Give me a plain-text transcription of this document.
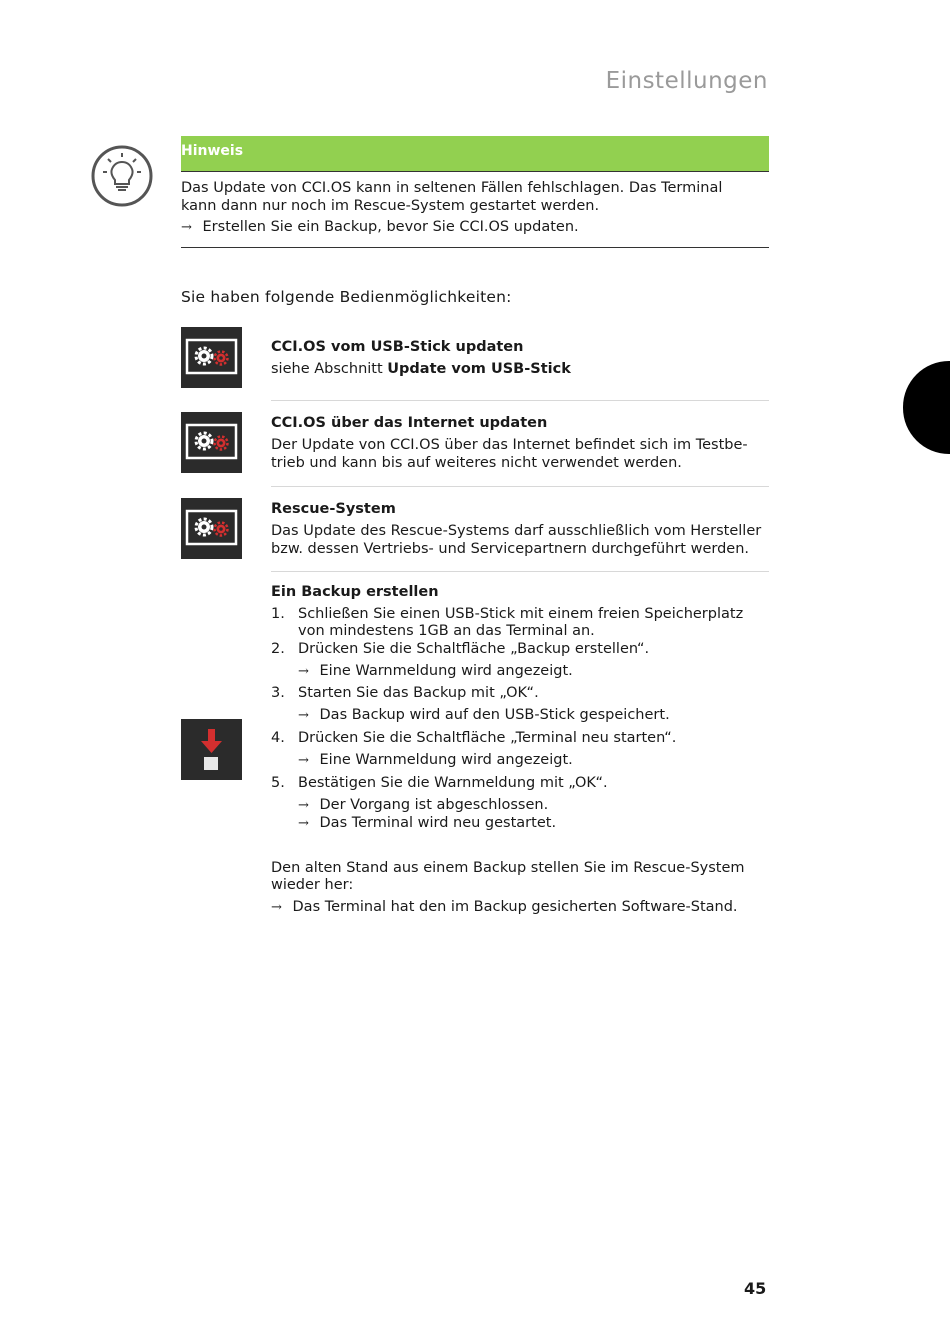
Einstellungen
Hinweis
Das Update von CCI.OS kann in seltenen Fällen fehlschlagen. Das Terminal
kann dann nur noch im Rescue-System gestartet werden.
→ Erstellen Sie ein Backup, bevor Sie CCI.OS updaten.
Sie haben folgende Bedienmöglichkeiten:
CCI.OS vom USB-Stick updaten
siehe Abschnitt Update vom USB-Stick
CCI.OS über das Internet updaten
Der Update von CCI.OS über das Internet befindet sich im Testbe-
trieb und kann bis auf weiteres nicht verwendet werden.
Rescue-System
Das Update des Rescue-Systems darf ausschließlich vom Hersteller
bzw. dessen Vertriebs- und Servicepartnern durchgeführt werden.
Ein Backup erstellen
1. Schließen Sie einen USB-Stick mit einem freien Speicherplatz
von mindestens 1GB an das Terminal an.
2. Drücken Sie die Schaltfläche „Backup erstellen“.
→ Eine Warnmeldung wird angezeigt.
3. Starten Sie das Backup mit „OK“.
→ Das Backup wird auf den USB-Stick gespeichert.
4. Drücken Sie die Schaltfläche „Terminal neu starten“.
→ Eine Warnmeldung wird angezeigt.
5. Bestätigen Sie die Warnmeldung mit „OK“.
→ Der Vorgang ist abgeschlossen.
→ Das Terminal wird neu gestartet.
Den alten Stand aus einem Backup stellen Sie im Rescue-System
wieder her:
→ Das Terminal hat den im Backup gesicherten Software-Stand.
45
